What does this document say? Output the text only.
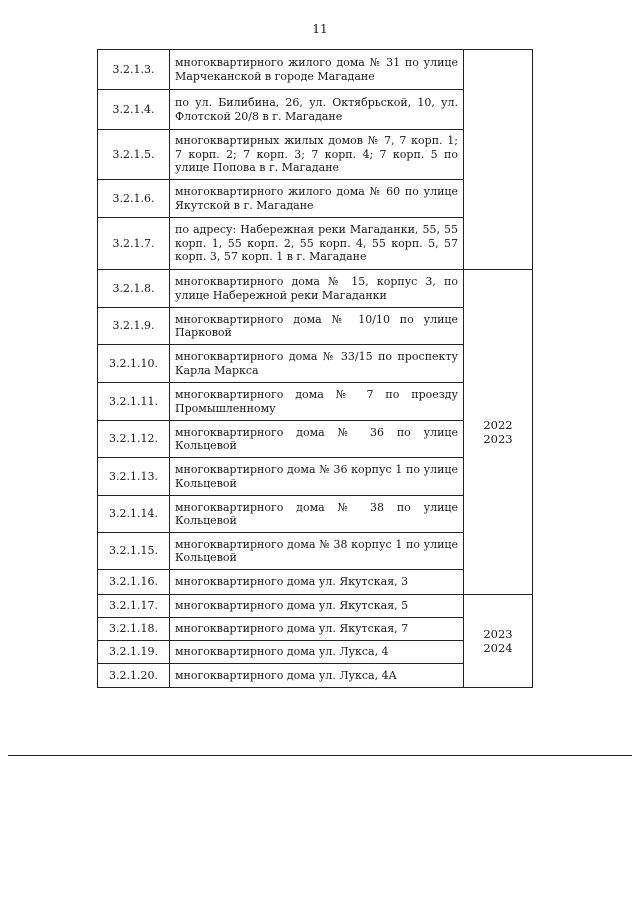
11
3.2.1.3.	многоквартирного жилого дома № 31 по улице Марчеканской в городе Магадане	
3.2.1.4.	по ул. Билибина, 26, ул. Октябрьской, 10, ул. Флотской 20/8 в г. Магадане	
3.2.1.5.	многоквартирных жилых домов № 7, 7 корп. 1; 7 корп. 2; 7 корп. 3; 7 корп. 4; 7 корп. 5 по улице Попова в г. Магадане	
3.2.1.6.	многоквартирного жилого дома № 60 по улице Якутской в г. Магадане	
3.2.1.7.	по адресу: Набережная реки Магаданки, 55, 55 корп. 1, 55 корп. 2, 55 корп. 4, 55 корп. 5, 57 корп. 3, 57 корп. 1 в г. Магадане	
3.2.1.8.	многоквартирного дома № 15, корпус 3, по улице Набережной реки Магаданки	2022
2023
3.2.1.9.	многоквартирного дома № 10/10 по улице Парковой	
3.2.1.10.	многоквартирного дома № 33/15 по проспекту Карла Маркса	
3.2.1.11.	многоквартирного дома № 7 по проезду Промышленному	
3.2.1.12.	многоквартирного дома № 36 по улице Кольцевой	
3.2.1.13.	многоквартирного дома № 36 корпус 1 по улице Кольцевой	
3.2.1.14.	многоквартирного дома № 38 по улице Кольцевой	
3.2.1.15.	многоквартирного дома № 38 корпус 1 по улице Кольцевой	
3.2.1.16.	многоквартирного дома ул. Якутская, 3	
3.2.1.17.	многоквартирного дома ул. Якутская, 5	2023
2024
3.2.1.18.	многоквартирного дома ул. Якутская, 7	
3.2.1.19.	многоквартирного дома ул. Лукса, 4	
3.2.1.20.	многоквартирного дома ул. Лукса, 4А	
